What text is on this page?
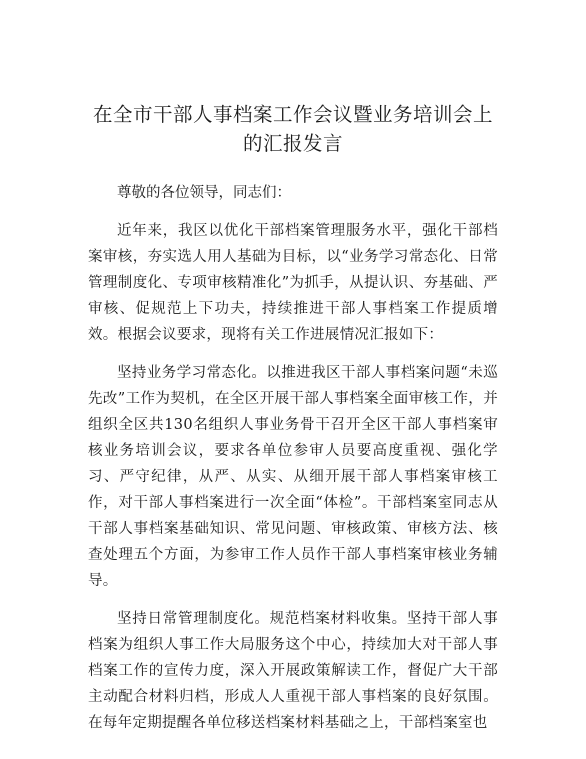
在全市干部人事档案工作会议暨业务培训会上
的汇报发言

尊敬的各位领导，同志们：

近年来，我区以优化干部档案管理服务水平，强化干部档案审核，夯实选人用人基础为目标，以“业务学习常态化、日常管理制度化、专项审核精准化”为抓手，从提认识、夯基础、严审核、促规范上下功夫，持续推进干部人事档案工作提质增效。根据会议要求，现将有关工作进展情况汇报如下：

坚持业务学习常态化。以推进我区干部人事档案问题“未巡先改”工作为契机，在全区开展干部人事档案全面审核工作，并组织全区共130名组织人事业务骨干召开全区干部人事档案审核业务培训会议，要求各单位参审人员要高度重视、强化学习、严守纪律，从严、从实、从细开展干部人事档案审核工作，对干部人事档案进行一次全面“体检”。干部档案室同志从干部人事档案基础知识、常见问题、审核政策、审核方法、核查处理五个方面，为参审工作人员作干部人事档案审核业务辅导。

坚持日常管理制度化。规范档案材料收集。坚持干部人事档案为组织人事工作大局服务这个中心，持续加大对干部人事档案工作的宣传力度，深入开展政策解读工作，督促广大干部主动配合材料归档，形成人人重视干部人事档案的良好氛围。在每年定期提醒各单位移送档案材料基础之上，干部档案室也
